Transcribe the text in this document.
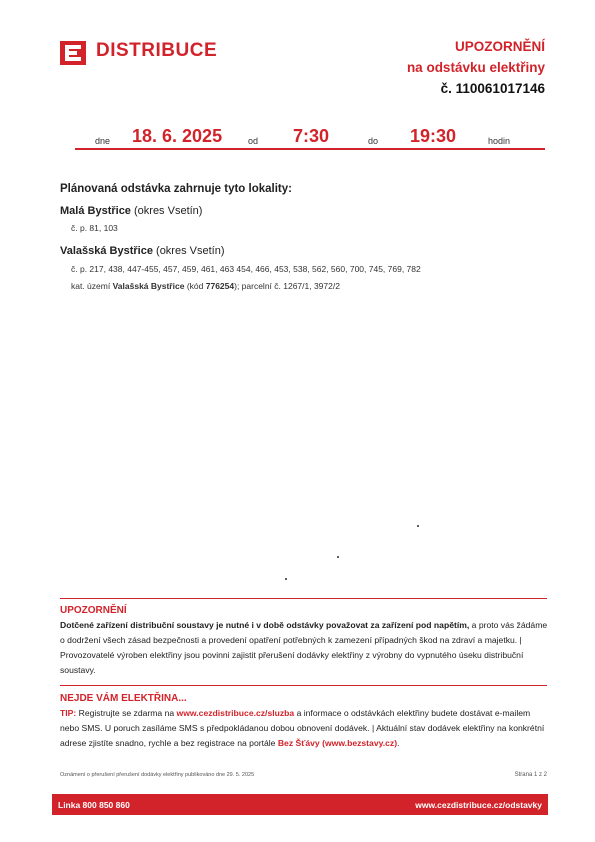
DISTRIBUCE	UPOZORNĚNÍ
na odstávku elektřiny
č. 110061017146
dne 18. 6. 2025	od 7:30	do 19:30	hodin
Plánovaná odstávka zahrnuje tyto lokality:
Malá Bystřice (okres Vsetín)
č. p. 81, 103
Valašská Bystřice (okres Vsetín)
č. p. 217, 438, 447-455, 457, 459, 461, 463 454, 466, 453, 538, 562, 560, 700, 745, 769, 782
kat. území Valašská Bystřice (kód 776254); parcelní č. 1267/1, 3972/2
UPOZORNĚNÍ
Dotčené zařízení distribuční soustavy je nutné i v době odstávky považovat za zařízení pod napětím, a proto vás žádáme o dodržení všech zásad bezpečnosti a provedení opatření potřebných k zamezení případných škod na zdraví a majetku. | Provozovatelé výroben elektřiny jsou povinni zajistit přerušení dodávky elektřiny z výrobny do vypnutého úseku distribuční soustavy.
NEJDE VÁM ELEKTŘINA...
TIP: Registrujte se zdarma na www.cezdistribuce.cz/sluzba a informace o odstávkách elektřiny budete dostávat e-mailem nebo SMS. U poruch zasíláme SMS s předpokládanou dobou obnovení dodávek. | Aktuální stav dodávek elektřiny na konkrétní adrese zjistíte snadno, rychle a bez registrace na portále Bez Šťávy (www.bezstavy.cz).
Oznámení o přerušení přerušení dodávky elektřiny publikováno dne 29. 5. 2025	Strana 1 z 2
Linka 800 850 860	www.cezdistribuce.cz/odstavky
